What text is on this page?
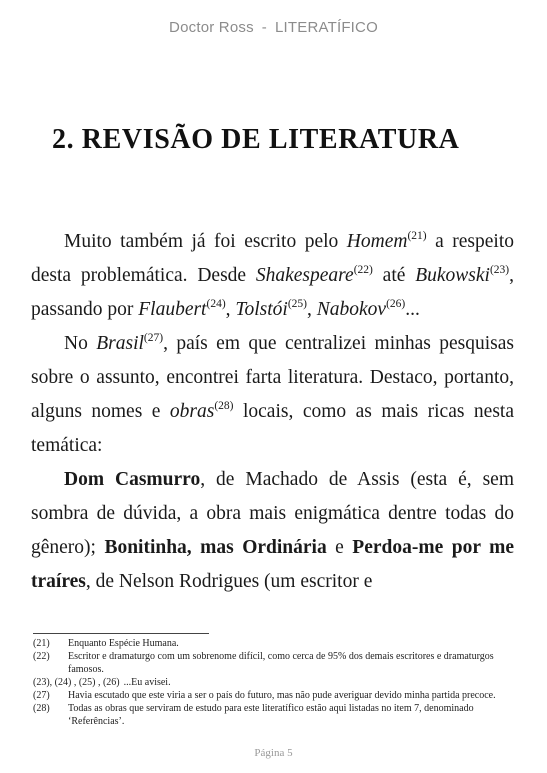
Doctor Ross - LITERATÍFICO
2. REVISÃO DE LITERATURA

Muito também já foi escrito pelo Homem$^{(21)}$ a respeito desta problemática. Desde Shakespeare$^{(22)}$ até Bukowski$^{(23)}$, passando por Flaubert$^{(24)}$, Tolstói$^{(25)}$, Nabokov$^{(26)}$...

No Brasil$^{(27)}$, país em que centralizei minhas pesquisas sobre o assunto, encontrei farta literatura. Destaco, portanto, alguns nomes e obras$^{(28)}$ locais, como as mais ricas nesta temática:

Dom Casmurro, de Machado de Assis (esta é, sem sombra de dúvida, a obra mais enigmática dentre todas do gênero); Bonitinha, mas Ordinária e Perdoa-me por me traíres, de Nelson Rodrigues (um escritor e

(21)	Enquanto Espécie Humana.
(22)	Escritor e dramaturgo com um sobrenome difícil, como cerca de 95% dos demais escritores e dramaturgos famosos.
(23), (24) , (25) , (26) ...Eu avisei.
(27)	Havia escutado que este viria a ser o país do futuro, mas não pude averiguar devido minha partida precoce.
(28)	Todas as obras que serviram de estudo para este literatífico estão aqui listadas no item 7, denominado ‘Referências’.
Página 5
